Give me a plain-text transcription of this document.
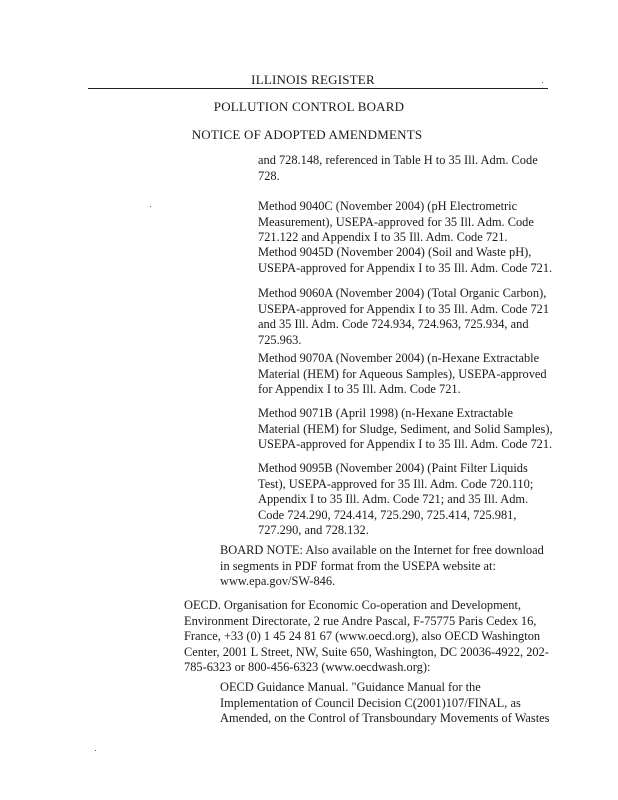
ILLINOIS REGISTER
POLLUTION CONTROL BOARD
NOTICE OF ADOPTED AMENDMENTS
and 728.148, referenced in Table H to 35 Ill. Adm. Code
728.
Method 9040C (November 2004) (pH Electrometric
Measurement), USEPA-approved for 35 Ill. Adm. Code
721.122 and Appendix I to 35 Ill. Adm. Code 721.
Method 9045D (November 2004) (Soil and Waste pH),
USEPA-approved for Appendix I to 35 Ill. Adm. Code 721.
Method 9060A (November 2004) (Total Organic Carbon),
USEPA-approved for Appendix I to 35 Ill. Adm. Code 721
and 35 Ill. Adm. Code 724.934, 724.963, 725.934, and
725.963.
Method 9070A (November 2004) (n-Hexane Extractable
Material (HEM) for Aqueous Samples), USEPA-approved
for Appendix I to 35 Ill. Adm. Code 721.
Method 9071B (April 1998) (n-Hexane Extractable
Material (HEM) for Sludge, Sediment, and Solid Samples),
USEPA-approved for Appendix I to 35 Ill. Adm. Code 721.
Method 9095B (November 2004) (Paint Filter Liquids
Test), USEPA-approved for 35 Ill. Adm. Code 720.110;
Appendix I to 35 Ill. Adm. Code 721; and 35 Ill. Adm.
Code 724.290, 724.414, 725.290, 725.414, 725.981,
727.290, and 728.132.
BOARD NOTE: Also available on the Internet for free download
in segments in PDF format from the USEPA website at:
www.epa.gov/SW-846.
OECD. Organisation for Economic Co-operation and Development,
Environment Directorate, 2 rue Andre Pascal, F-75775 Paris Cedex 16,
France, +33 (0) 1 45 24 81 67 (www.oecd.org), also OECD Washington
Center, 2001 L Street, NW, Suite 650, Washington, DC 20036-4922, 202-
785-6323 or 800-456-6323 (www.oecdwash.org):
OECD Guidance Manual. "Guidance Manual for the
Implementation of Council Decision C(2001)107/FINAL, as
Amended, on the Control of Transboundary Movements of Wastes
